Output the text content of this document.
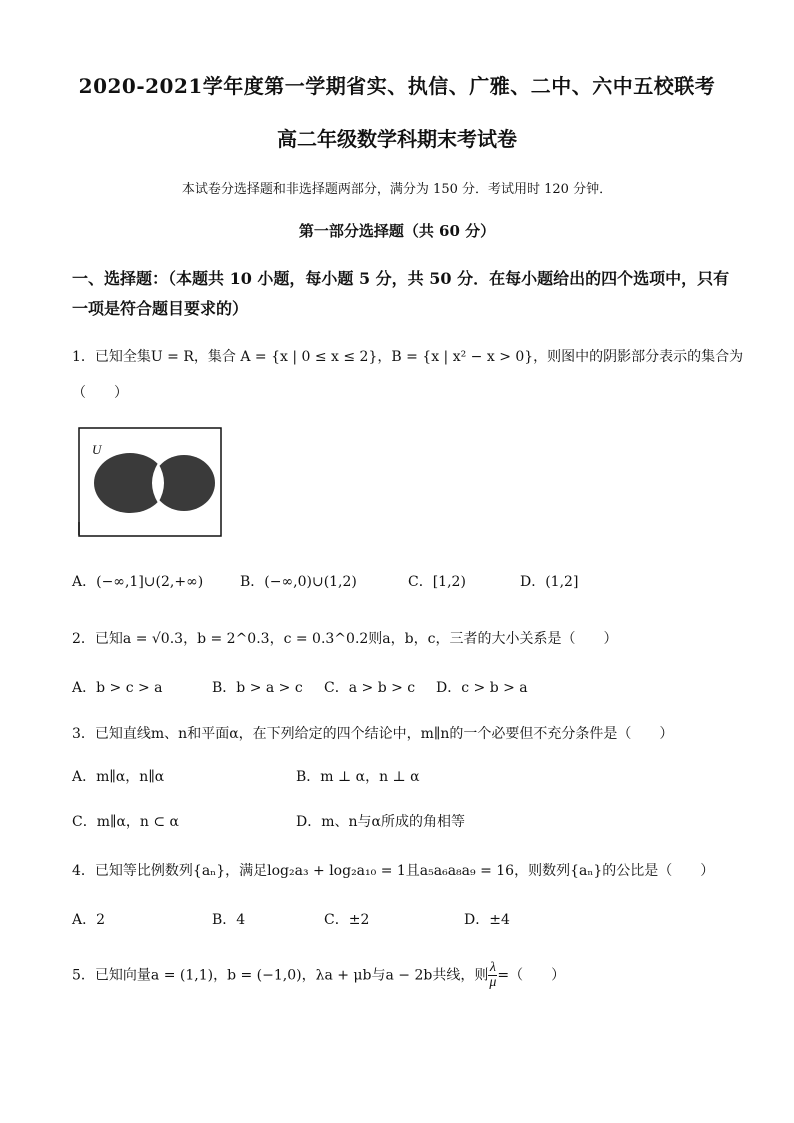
2020-2021学年度第一学期省实、执信、广雅、二中、六中五校联考
高二年级数学科期末考试卷
本试卷分选择题和非选择题两部分，满分为 150 分．考试用时 120 分钟．
第一部分选择题（共 60 分）
一、选择题：（本题共 10 小题，每小题 5 分，共 50 分．在每小题给出的四个选项中，只有
一项是符合题目要求的）
1．已知全集U = R，集合 A = {x | 0 ≤ x ≤ 2}，B = {x | x² − x > 0}，则图中的阴影部分表示的集合为
（　　）
U
A．(−∞,1]∪(2,+∞)	B．(−∞,0)∪(1,2)	C．[1,2)	D．(1,2]
2．已知a = √0.3，b = 2^0.3，c = 0.3^0.2则a，b，c，三者的大小关系是（　　）
A．b > c > a	B．b > a > c C．a > b > c D．c > b > a
3．已知直线m、n和平面α，在下列给定的四个结论中，m∥n的一个必要但不充分条件是（　　）
A．m∥α，n∥α	B．m ⊥ α，n ⊥ α
C．m∥α，n ⊂ α	D．m、n与α所成的角相等
4．已知等比例数列{aₙ}，满足log₂a₃ + log₂a₁₀ = 1且a₅a₆a₈a₉ = 16，则数列{aₙ}的公比是（　　）
A．2	B．4	C．±2	D．±4
5．已知向量a = (1,1)，b = (−1,0)，λa + μb与a − 2b共线，则 $\frac{\lambda}{\mu}$ =（　　）
